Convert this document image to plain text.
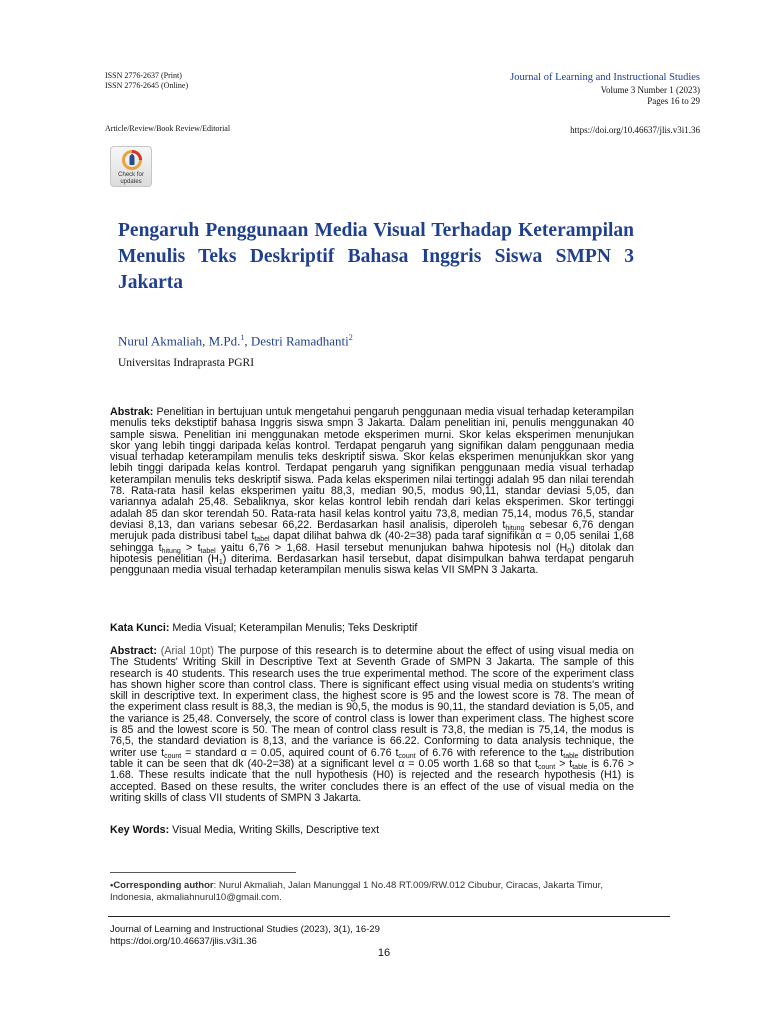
ISSN 2776-2637 (Print)
ISSN 2776-2645 (Online)
Journal of Learning and Instructional Studies
Volume 3 Number 1 (2023)
Pages 16 to 29
Article/Review/Book Review/Editorial	https://doi.org/10.46637/jlis.v3i1.36
Check for
updates
Pengaruh Penggunaan Media Visual Terhadap Keterampilan Menulis Teks Deskriptif Bahasa Inggris Siswa SMPN 3 Jakarta
Nurul Akmaliah, M.Pd.$^1$, Destri Ramadhanti$^2$
Universitas Indraprasta PGRI
Abstrak: Penelitian in bertujuan untuk mengetahui pengaruh penggunaan media visual terhadap keterampilan menulis teks dekstiptif bahasa Inggris siswa smpn 3 Jakarta. Dalam penelitian ini, penulis menggunakan 40 sample siswa. Penelitian ini menggunakan metode eksperimen murni. Skor kelas eksperimen menunjukan skor yang lebih tinggi daripada kelas kontrol. Terdapat pengaruh yang signifikan dalam penggunaan media visual terhadap keterampilam menulis teks deskriptif siswa. Skor kelas eksperimen menunjukkan skor yang lebih tinggi daripada kelas kontrol. Terdapat pengaruh yang signifikan penggunaan media visual terhadap keterampilan menulis teks deskriptif siswa. Pada kelas eksperimen nilai tertinggi adalah 95 dan nilai terendah 78. Rata-rata hasil kelas eksperimen yaitu 88,3, median 90,5, modus 90,11, standar deviasi 5,05, dan variannya adalah 25,48. Sebaliknya, skor kelas kontrol lebih rendah dari kelas eksperimen. Skor tertinggi adalah 85 dan skor terendah 50. Rata-rata hasil kelas kontrol yaitu 73,8, median 75,14, modus 76,5, standar deviasi 8,13, dan varians sebesar 66,22. Berdasarkan hasil analisis, diperoleh $t_{hitung}$ sebesar 6,76 dengan merujuk pada distribusi tabel $t_{tabel}$ dapat dilihat bahwa dk (40-2=38) pada taraf signifikan α = 0,05 senilai 1,68 sehingga $t_{hitung} > t_{tabel}$ yaitu 6,76 > 1,68. Hasil tersebut menunjukan bahwa hipotesis nol $(H_0)$ ditolak dan hipotesis penelitian $(H_1)$ diterima. Berdasarkan hasil tersebut, dapat disimpulkan bahwa terdapat pengaruh penggunaan media visual terhadap keterampilan menulis siswa kelas VII SMPN 3 Jakarta.
Kata Kunci: Media Visual; Keterampilan Menulis; Teks Deskriptif
Abstract: (Arial 10pt) The purpose of this research is to determine about the effect of using visual media on The Students' Writing Skill in Descriptive Text at Seventh Grade of SMPN 3 Jakarta. The sample of this research is 40 students. This research uses the true experimental method. The score of the experiment class has shown higher score than control class. There is significant effect using visual media on students's writing skill in descriptive text. In experiment class, the highest score is 95 and the lowest score is 78. The mean of the experiment class result is 88,3, the median is 90,5, the modus is 90,11, the standard deviation is 5,05, and the variance is 25,48. Conversely, the score of control class is lower than experiment class. The highest score is 85 and the lowest score is 50. The mean of control class result is 73,8, the median is 75,14, the modus is 76,5, the standard deviation is 8,13, and the variance is 66.22. Conforming to data analysis technique, the writer use $t_{count}$ = standard α = 0.05, aquired count of 6.76 $t_{count}$ of 6.76 with reference to the $t_{table}$ distribution table it can be seen that dk (40-2=38) at a significant level α = 0.05 worth 1.68 so that $t_{count} > t_{table}$ is 6.76 > 1.68. These results indicate that the null hypothesis (H0) is rejected and the research hypothesis (H1) is accepted. Based on these results, the writer concludes there is an effect of the use of visual media on the writing skills of class VII students of SMPN 3 Jakarta.
Key Words: Visual Media, Writing Skills, Descriptive text
•Corresponding author: Nurul Akmaliah, Jalan Manunggal 1 No.48 RT.009/RW.012 Cibubur, Ciracas, Jakarta Timur, Indonesia, akmaliahnurul10@gmail.com.
Journal of Learning and Instructional Studies (2023), 3(1), 16-29
https://doi.org/10.46637/jlis.v3i1.36
16
